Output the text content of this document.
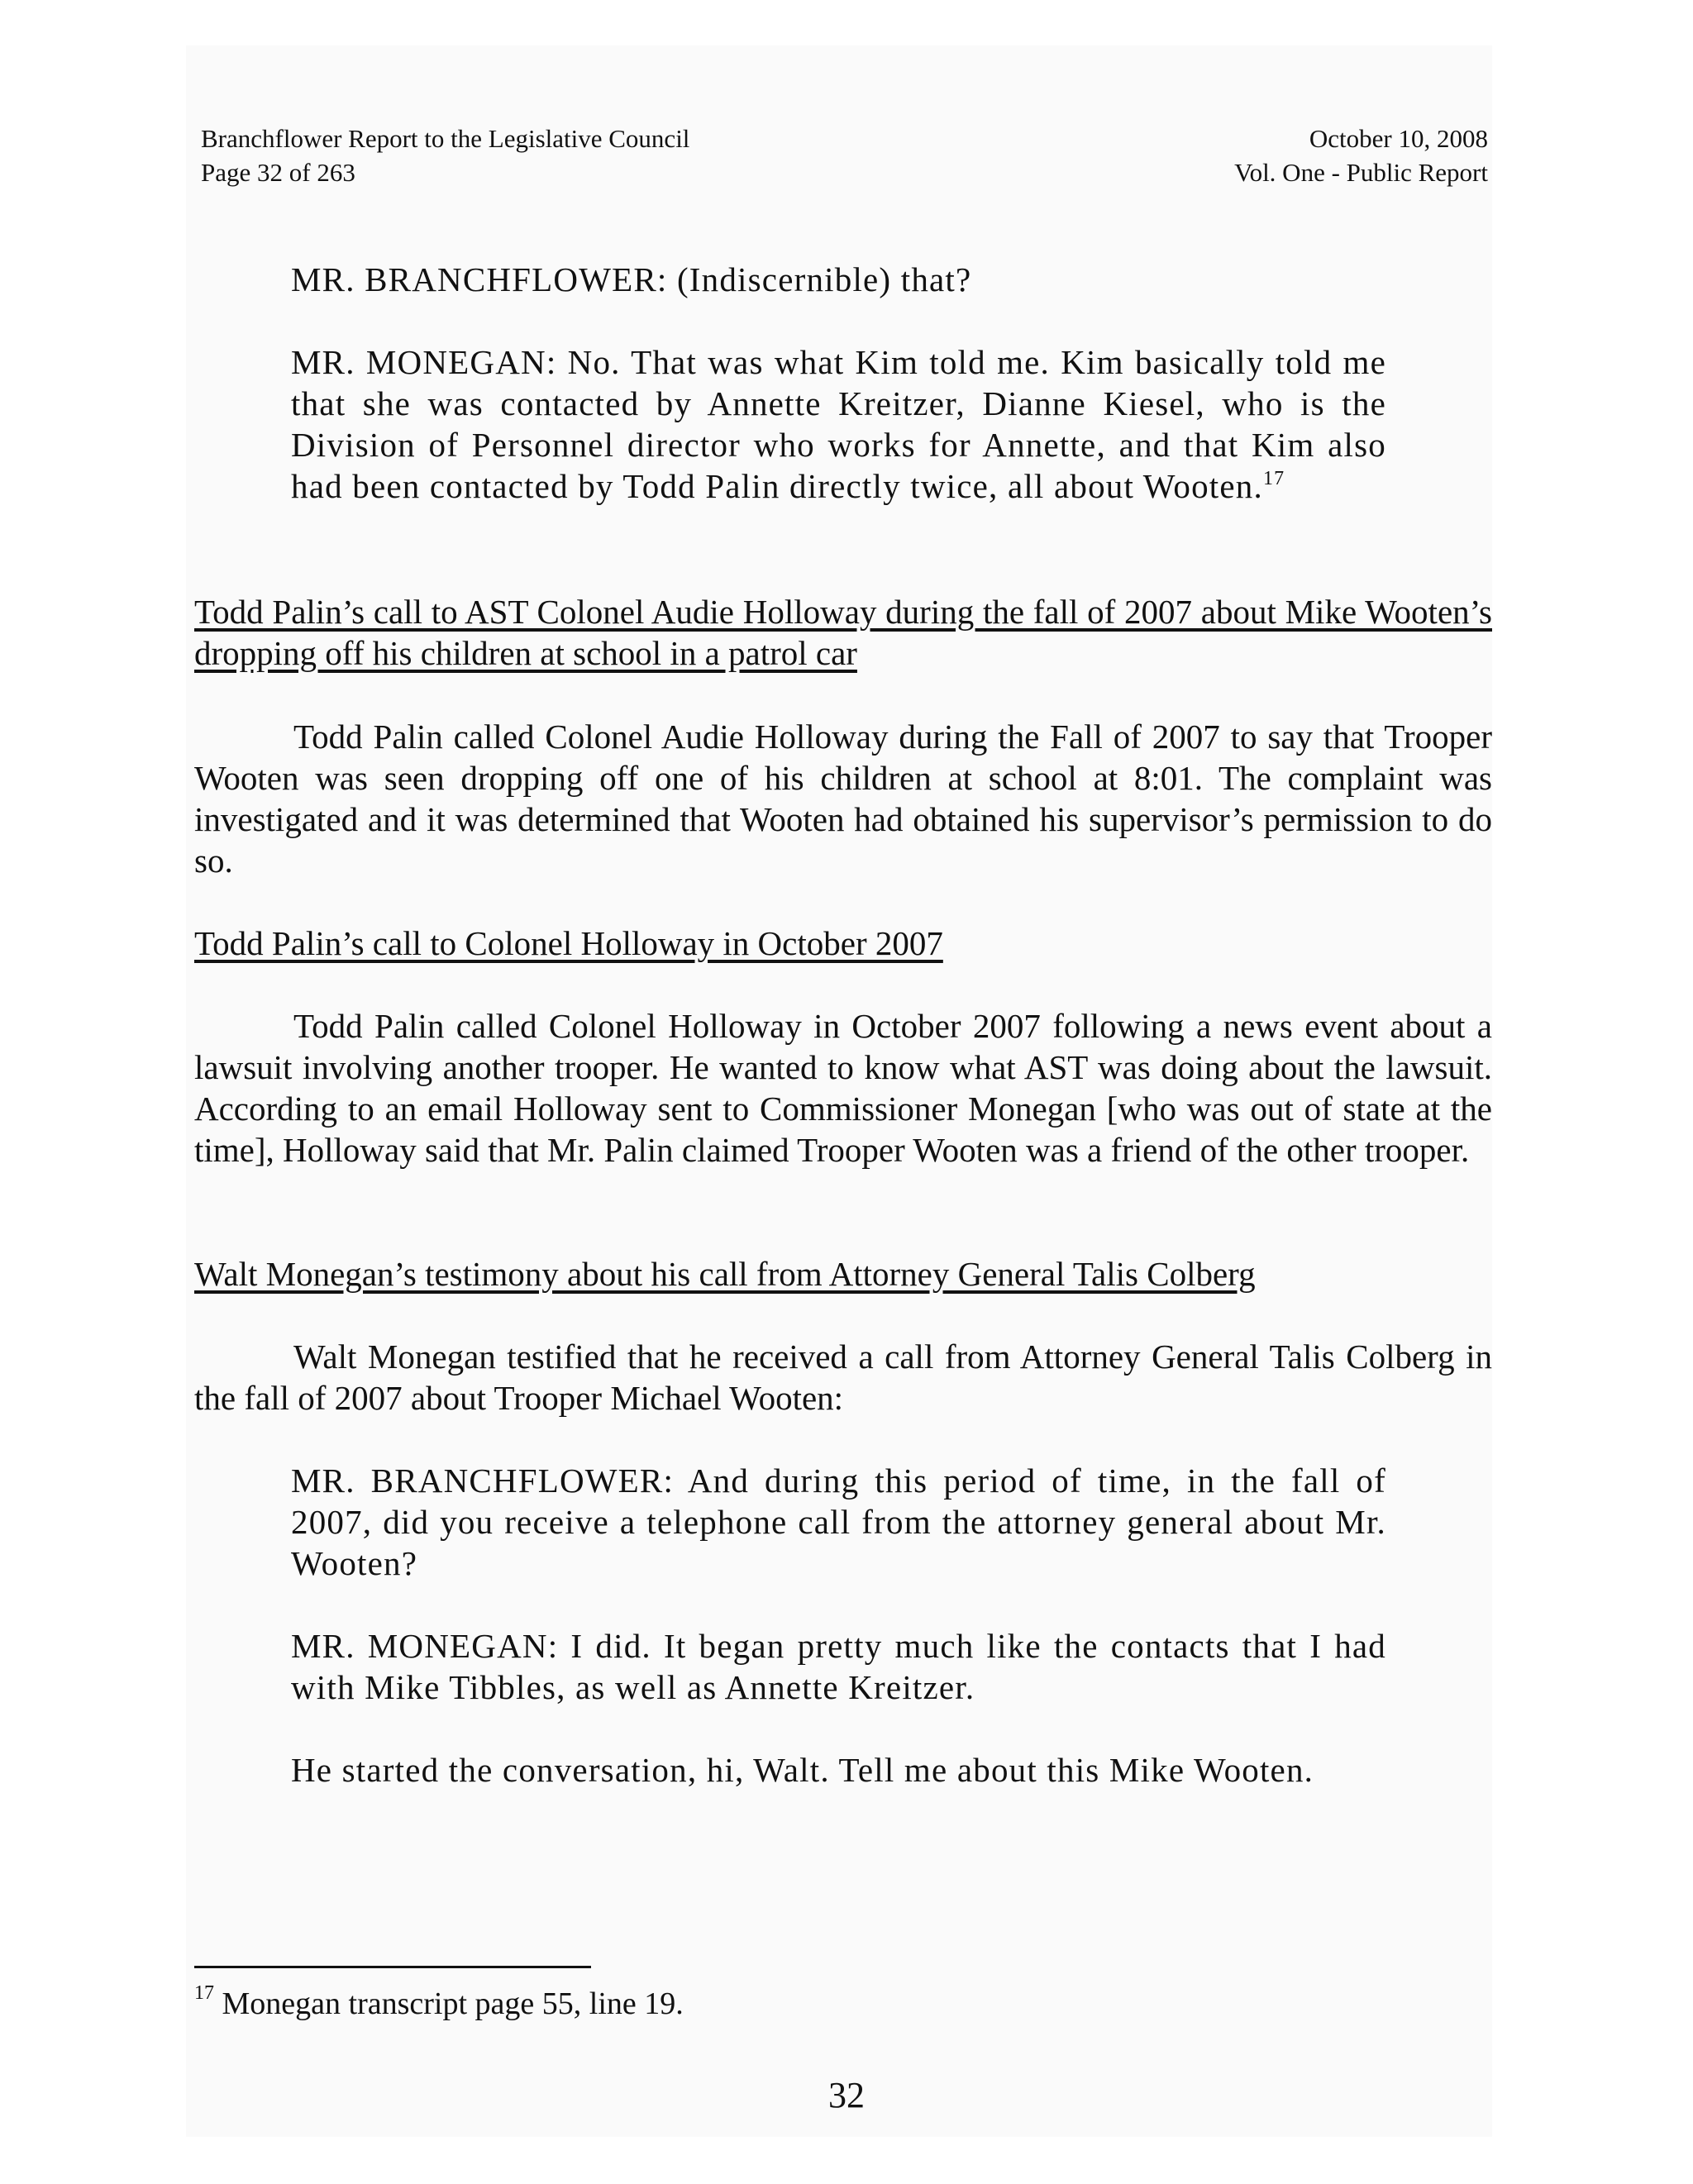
Branchflower Report to the Legislative Council
Page 32 of 263
October 10, 2008
Vol. One - Public Report
MR. BRANCHFLOWER: (Indiscernible) that?
MR. MONEGAN: No. That was what Kim told me. Kim basically told me that she was contacted by Annette Kreitzer, Dianne Kiesel, who is the Division of Personnel director who works for Annette, and that Kim also had been contacted by Todd Palin directly twice, all about Wooten.$^{17}$
Todd Palin’s call to AST Colonel Audie Holloway during the fall of 2007 about Mike Wooten’s dropping off his children at school in a patrol car
Todd Palin called Colonel Audie Holloway during the Fall of 2007 to say that Trooper Wooten was seen dropping off one of his children at school at 8:01. The complaint was investigated and it was determined that Wooten had obtained his supervisor’s permission to do so.
Todd Palin’s call to Colonel Holloway in October 2007
Todd Palin called Colonel Holloway in October 2007 following a news event about a lawsuit involving another trooper. He wanted to know what AST was doing about the lawsuit. According to an email Holloway sent to Commissioner Monegan [who was out of state at the time], Holloway said that Mr. Palin claimed Trooper Wooten was a friend of the other trooper.
Walt Monegan’s testimony about his call from Attorney General Talis Colberg
Walt Monegan testified that he received a call from Attorney General Talis Colberg in the fall of 2007 about Trooper Michael Wooten:
MR. BRANCHFLOWER: And during this period of time, in the fall of 2007, did you receive a telephone call from the attorney general about Mr. Wooten?
MR. MONEGAN: I did. It began pretty much like the contacts that I had with Mike Tibbles, as well as Annette Kreitzer.
He started the conversation, hi, Walt. Tell me about this Mike Wooten.
$^{17}$ Monegan transcript page 55, line 19.
32
